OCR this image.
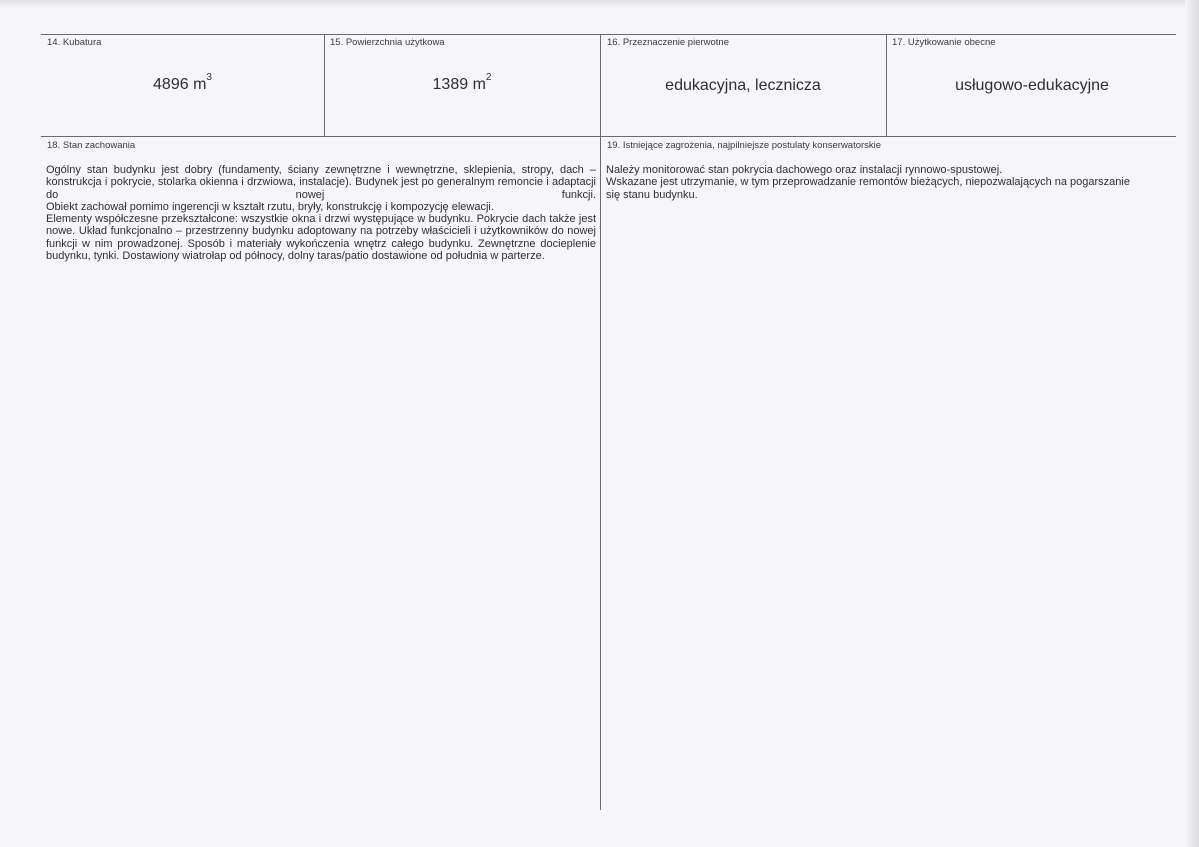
14. Kubatura
4896 $m^3$
15. Powierzchnia użytkowa
1389 $m^2$
16. Przeznaczenie pierwotne
edukacyjna, lecznicza
17. Użytkowanie obecne
usługowo-edukacyjne
18. Stan zachowania

Ogólny stan budynku jest dobry (fundamenty, ściany zewnętrzne i wewnętrzne, sklepienia, stropy, dach – konstrukcja i pokrycie, stolarka okienna i drzwiowa, instalacje). Budynek jest po generalnym remoncie i adaptacji do nowej funkcji.

Obiekt zachował pomimo ingerencji w kształt rzutu, bryły, konstrukcję i kompozycję elewacji.

Elementy współczesne przekształcone: wszystkie okna i drzwi występujące w budynku. Pokrycie dach także jest nowe. Układ funkcjonalno – przestrzenny budynku adoptowany na potrzeby właścicieli i użytkowników do nowej funkcji w nim prowadzonej. Sposób i materiały wykończenia wnętrz całego budynku. Zewnętrzne docieplenie budynku, tynki. Dostawiony wiatrołap od północy, dolny taras/patio dostawione od południa w parterze.

19. Istniejące zagrożenia, najpilniejsze postulaty konserwatorskie

Należy monitorować stan pokrycia dachowego oraz instalacji rynnowo-spustowej.

Wskazane jest utrzymanie, w tym przeprowadzanie remontów bieżących, niepozwalających na pogarszanie się stanu budynku.
